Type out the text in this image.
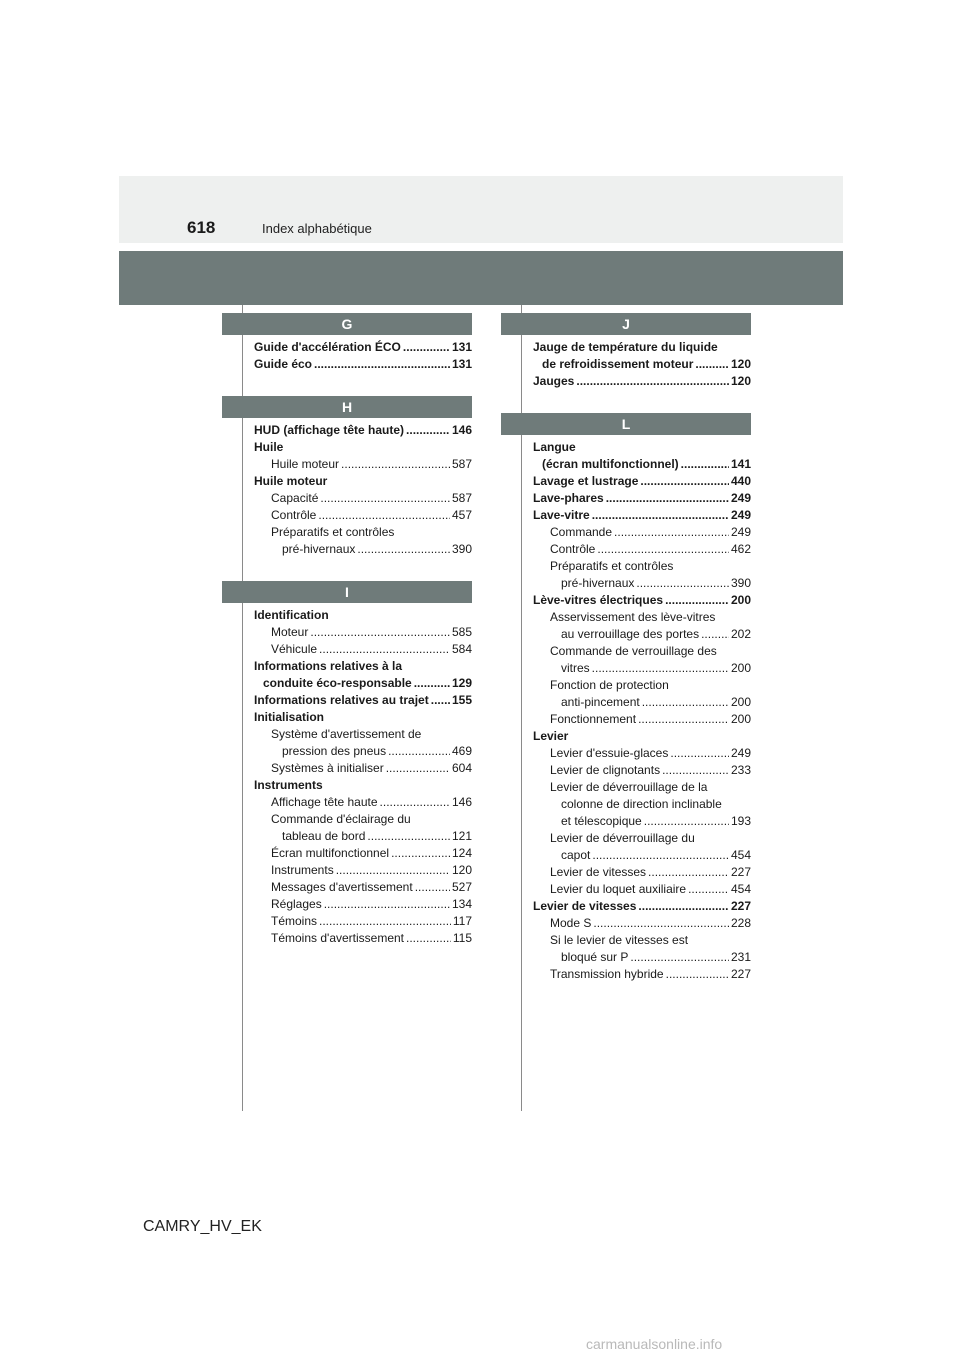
618	Index alphabétique
G
Guide d'accélération ÉCO .....	131
Guide éco .....	131
H
HUD (affichage tête haute) .....	146
Huile
Huile moteur .....	587
Huile moteur
Capacité .....	587
Contrôle .....	457
Préparatifs et contrôles
pré-hivernaux .....	390
I
Identification
Moteur .....	585
Véhicule .....	584
Informations relatives à la
conduite éco-responsable .....	129
Informations relatives au trajet ..... 155
Initialisation
Système d'avertissement de
pression des pneus .....	469
Systèmes à initialiser .....	604
Instruments
Affichage tête haute .....	146
Commande d'éclairage du
tableau de bord .....	121
Écran multifonctionnel .....	124
Instruments .....	120
Messages d'avertissement .....	527
Réglages .....	134
Témoins .....	117
Témoins d'avertissement .....	115
J
Jauge de température du liquide
de refroidissement moteur .....	120
Jauges .....	120
L
Langue
(écran multifonctionnel) .....	141
Lavage et lustrage .....	440
Lave-phares .....	249
Lave-vitre .....	249
Commande .....	249
Contrôle .....	462
Préparatifs et contrôles
pré-hivernaux .....	390
Lève-vitres électriques .....	200
Asservissement des lève-vitres
au verrouillage des portes .....	202
Commande de verrouillage des
vitres .....	200
Fonction de protection
anti-pincement .....	200
Fonctionnement .....	200
Levier
Levier d'essuie-glaces .....	249
Levier de clignotants .....	233
Levier de déverrouillage de la
colonne de direction inclinable
et télescopique .....	193
Levier de déverrouillage du
capot .....	454
Levier de vitesses .....	227
Levier du loquet auxiliaire .....	454
Levier de vitesses .....	227
Mode S .....	228
Si le levier de vitesses est
bloqué sur P .....	231
Transmission hybride .....	227
CAMRY_HV_EK
carmanualsonline.info
